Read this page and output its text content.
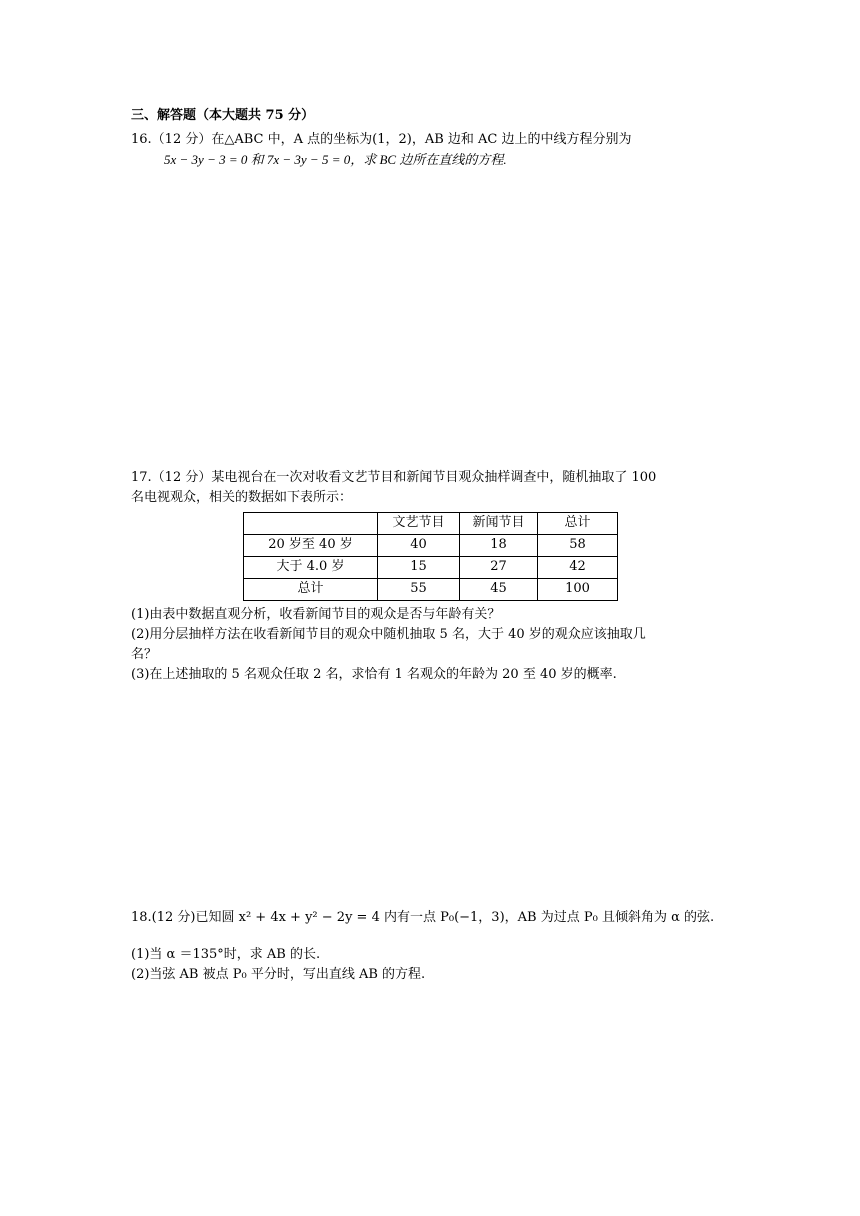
三、解答题（本大题共 75 分）
16.（12 分）在△ABC 中，A 点的坐标为(1，2)，AB 边和 AC 边上的中线方程分别为
5x − 3y − 3 = 0 和 7x − 3y − 5 = 0，求 BC 边所在直线的方程.
17.（12 分）某电视台在一次对收看文艺节目和新闻节目观众抽样调查中，随机抽取了 100
名电视观众，相关的数据如下表所示：
	文艺节目	新闻节目	总计
20 岁至 40 岁	40	18	58
大于 4.0 岁	15	27	42
总计	55	45	100
(1)由表中数据直观分析，收看新闻节目的观众是否与年龄有关？
(2)用分层抽样方法在收看新闻节目的观众中随机抽取 5 名，大于 40 岁的观众应该抽取几
名？
(3)在上述抽取的 5 名观众任取 2 名，求恰有 1 名观众的年龄为 20 至 40 岁的概率.
18.(12 分)已知圆 x² + 4x + y² − 2y = 4 内有一点 P₀(−1，3)，AB 为过点 P₀ 且倾斜角为 α 的弦.
(1)当 α ＝135°时，求 AB 的长.
(2)当弦 AB 被点 P₀ 平分时，写出直线 AB 的方程.
